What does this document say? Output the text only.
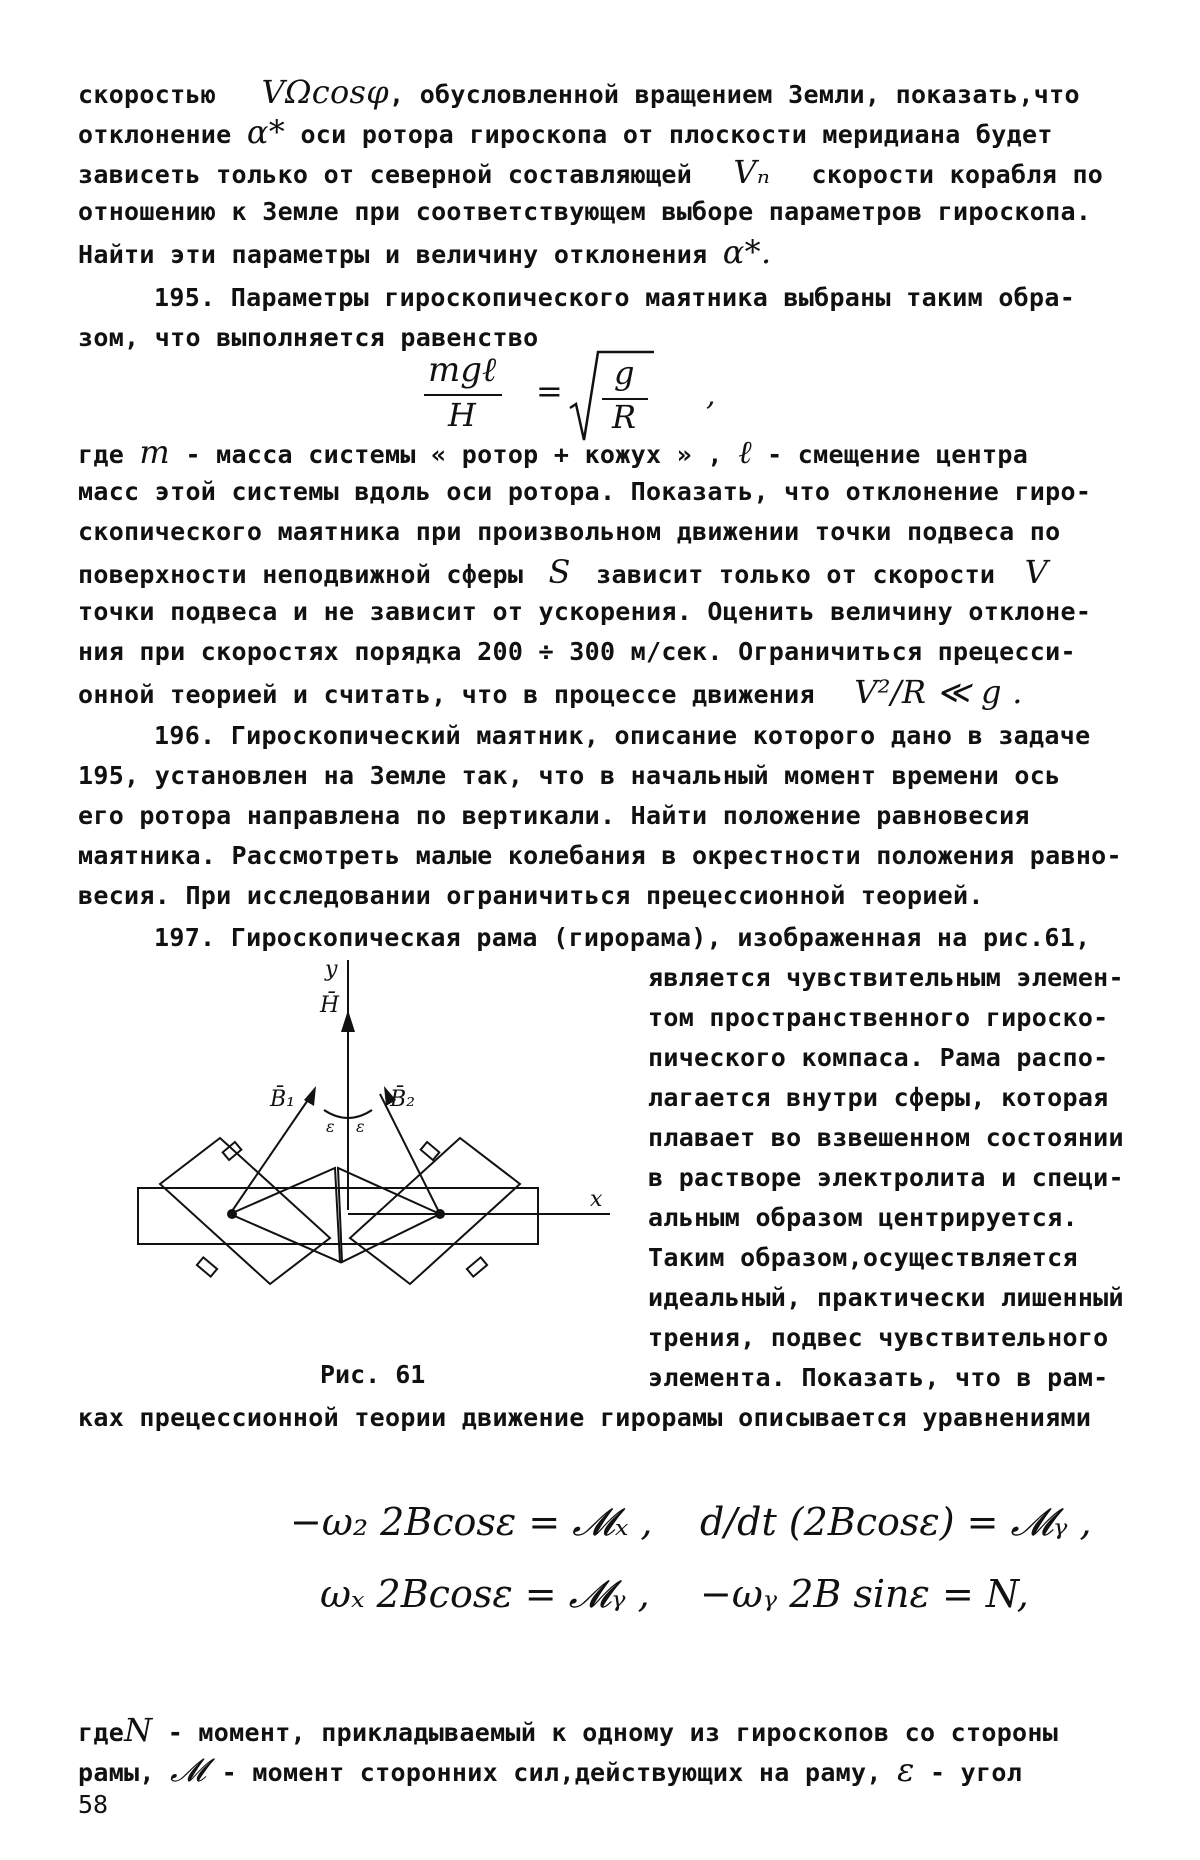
скоростью VΩcosφ, обусловленной вращением Земли, показать,что
отклонение α* оси ротора гироскопа от плоскости меридиана будет
зависеть только от северной составляющей Vₙ скорости корабля по
отношению к Земле при соответствующем выборе параметров гироскопа.
Найти эти параметры и величину отклонения α*.
195. Параметры гироскопического маятника выбраны таким обра-
зом, что выполняется равенство
mgℓ
H
= g
R
,
где m - масса системы « ротор + кожух » , ℓ - смещение центра
масс этой системы вдоль оси ротора. Показать, что отклонение гиро-
скопического маятника при произвольном движении точки подвеса по
поверхности неподвижной сферы S зависит только от скорости V
точки подвеса и не зависит от ускорения. Оценить величину отклоне-
ния при скоростях порядка 200 ÷ 300 м/сек. Ограничиться прецесси-
онной теорией и считать, что в процессе движения V²/R ≪ g .
196. Гироскопический маятник, описание которого дано в задаче
195, установлен на Земле так, что в начальный момент времени ось
его ротора направлена по вертикали. Найти положение равновесия
маятника. Рассмотреть малые колебания в окрестности положения равно-
весия. При исследовании ограничиться прецессионной теорией.
197. Гироскопическая рама (гирорама), изображенная на рис.61,
является чувствительным элемен-
том пространственного гироско-
пического компаса. Рама распо-
лагается внутри сферы, которая
плавает во взвешенном состоянии
в растворе электролита и специ-
альным образом центрируется.
Таким образом,осуществляется
идеальный, практически лишенный
трения, подвес чувствительного
элемента. Показать, что в рам-
y
H̄
x
B̄₁	B̄₂
ε ε
Рис. 61
ках прецессионной теории движение гирорамы описывается уравнениями
−ω₂ 2Bcosε = 𝓜ₓ , d/dt (2Bcosε) = 𝓜ᵧ ,
ωₓ 2Bcosε = 𝓜ᵧ , −ωᵧ 2B sinε = N,
гдеN - момент, прикладываемый к одному из гироскопов со стороны
рамы, 𝓜 - момент сторонних сил,действующих на раму, ε - угол
58
